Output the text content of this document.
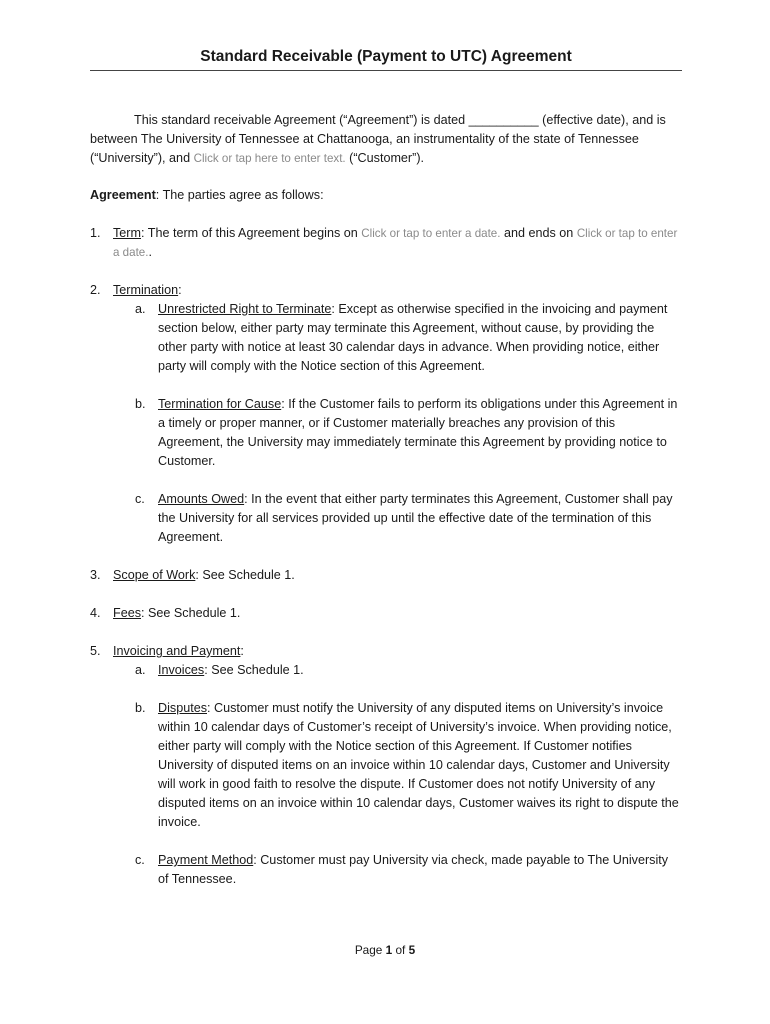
Standard Receivable (Payment to UTC) Agreement

This standard receivable Agreement (“Agreement”) is dated __________ (effective date), and is between The University of Tennessee at Chattanooga, an instrumentality of the state of Tennessee (“University”), and Click or tap here to enter text. (“Customer”).

Agreement: The parties agree as follows:

1. Term: The term of this Agreement begins on Click or tap to enter a date. and ends on Click or tap to enter a date..
2. Termination:
a. Unrestricted Right to Terminate: Except as otherwise specified in the invoicing and payment section below, either party may terminate this Agreement, without cause, by providing the other party with notice at least 30 calendar days in advance. When providing notice, either party will comply with the Notice section of this Agreement.
b. Termination for Cause: If the Customer fails to perform its obligations under this Agreement in a timely or proper manner, or if Customer materially breaches any provision of this Agreement, the University may immediately terminate this Agreement by providing notice to Customer.
c.	Amounts Owed: In the event that either party terminates this Agreement, Customer shall pay the University for all services provided up until the effective date of the termination of this Agreement.
3. Scope of Work: See Schedule 1.
4. Fees: See Schedule 1.
5. Invoicing and Payment:
a. Invoices: See Schedule 1.
b. Disputes: Customer must notify the University of any disputed items on University’s invoice within 10 calendar days of Customer’s receipt of University’s invoice. When providing notice, either party will comply with the Notice section of this Agreement. If Customer notifies University of disputed items on an invoice within 10 calendar days, Customer and University will work in good faith to resolve the dispute. If Customer does not notify University of any disputed items on an invoice within 10 calendar days, Customer waives its right to dispute the invoice.
c.	Payment Method: Customer must pay University via check, made payable to The University of Tennessee.
Page 1 of 5
